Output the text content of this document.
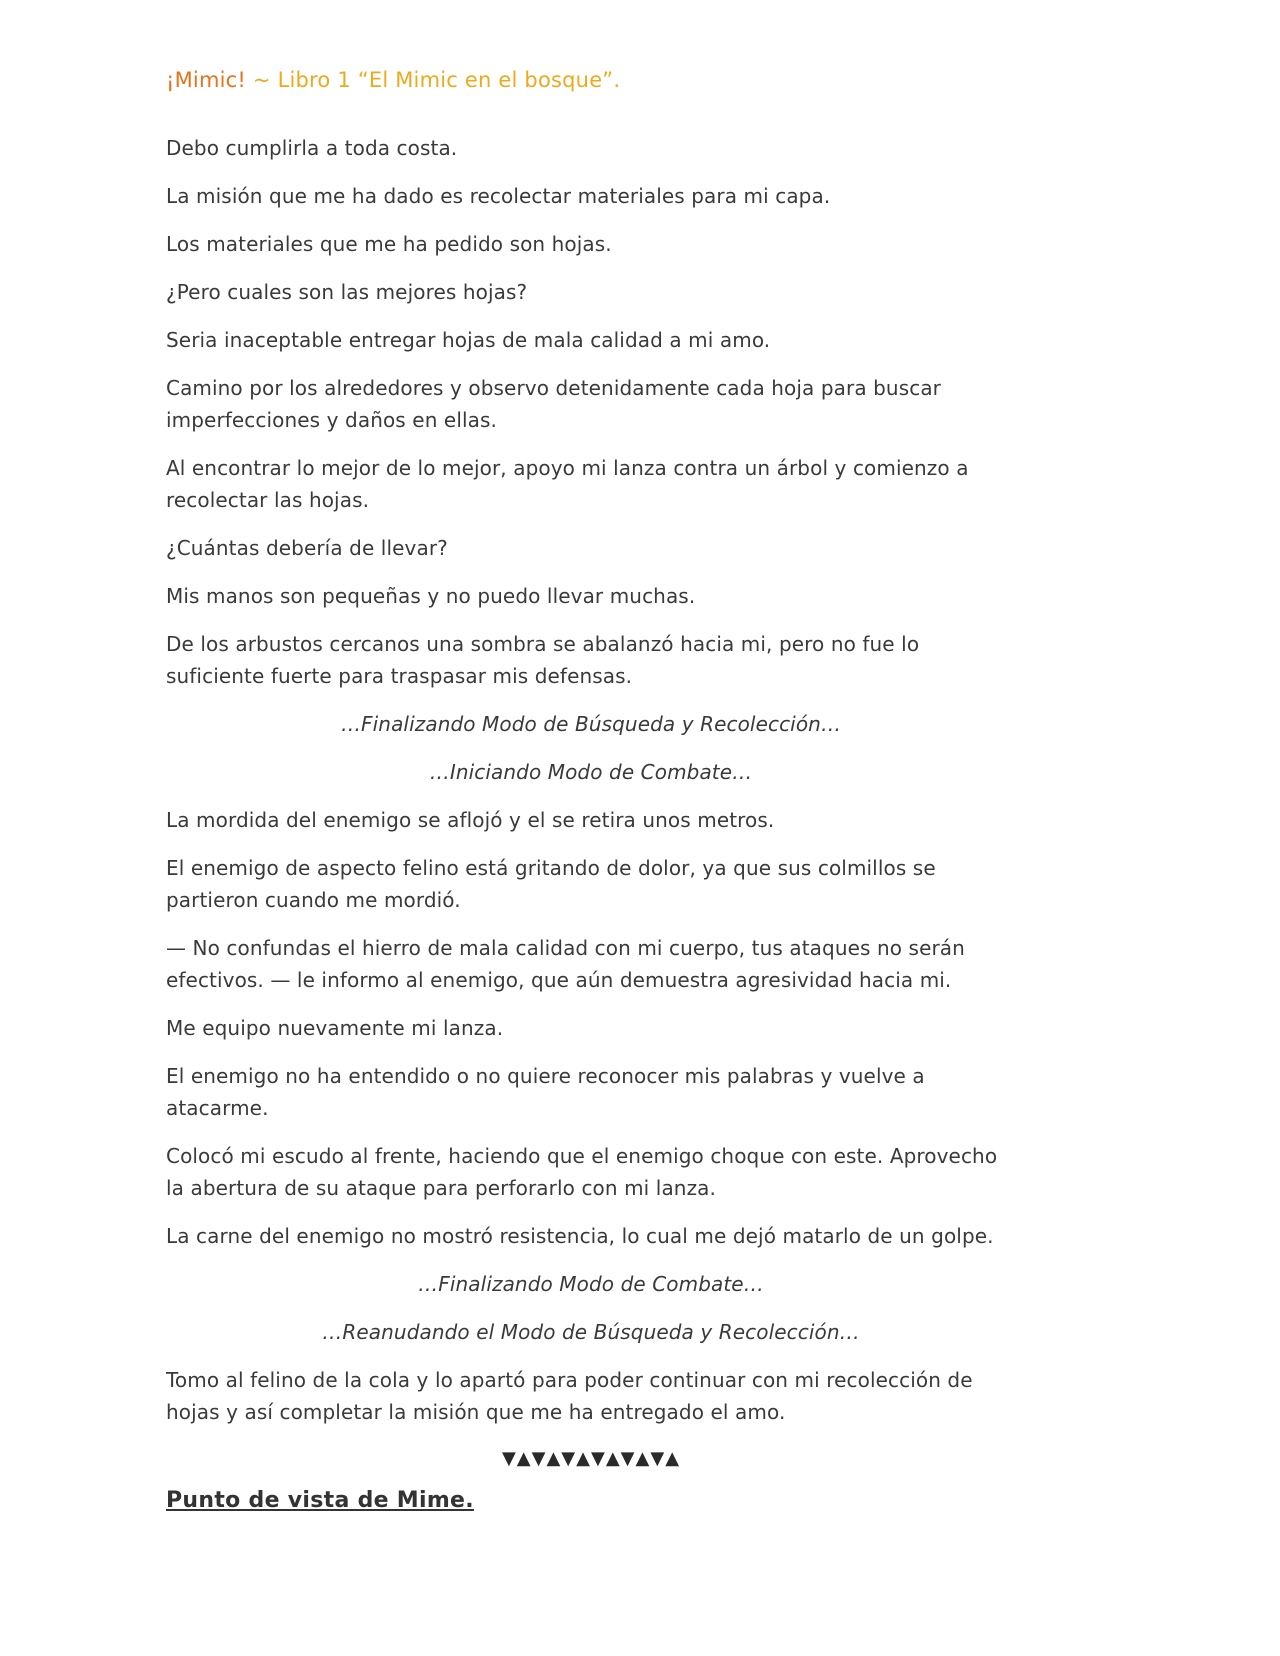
¡Mimic! ~ Libro 1 “El Mimic en el bosque”.

Debo cumplirla a toda costa.

La misión que me ha dado es recolectar materiales para mi capa.

Los materiales que me ha pedido son hojas.

¿Pero cuales son las mejores hojas?

Seria inaceptable entregar hojas de mala calidad a mi amo.

Camino por los alrededores y observo detenidamente cada hoja para buscar imperfecciones y daños en ellas.

Al encontrar lo mejor de lo mejor, apoyo mi lanza contra un árbol y comienzo a recolectar las hojas.

¿Cuántas debería de llevar?

Mis manos son pequeñas y no puedo llevar muchas.

De los arbustos cercanos una sombra se abalanzó hacia mi, pero no fue lo suficiente fuerte para traspasar mis defensas.

…Finalizando Modo de Búsqueda y Recolección…

…Iniciando Modo de Combate…

La mordida del enemigo se aflojó y el se retira unos metros.

El enemigo de aspecto felino está gritando de dolor, ya que sus colmillos se partieron cuando me mordió.

— No confundas el hierro de mala calidad con mi cuerpo, tus ataques no serán efectivos. — le informo al enemigo, que aún demuestra agresividad hacia mi.

Me equipo nuevamente mi lanza.

El enemigo no ha entendido o no quiere reconocer mis palabras y vuelve a atacarme.

Colocó mi escudo al frente, haciendo que el enemigo choque con este. Aprovecho la abertura de su ataque para perforarlo con mi lanza.

La carne del enemigo no mostró resistencia, lo cual me dejó matarlo de un golpe.

…Finalizando Modo de Combate…

…Reanudando el Modo de Búsqueda y Recolección…

Tomo al felino de la cola y lo apartó para poder continuar con mi recolección de hojas y así completar la misión que me ha entregado el amo.

▼▲▼▲▼▲▼▲▼▲▼▲
Punto de vista de Mime.
